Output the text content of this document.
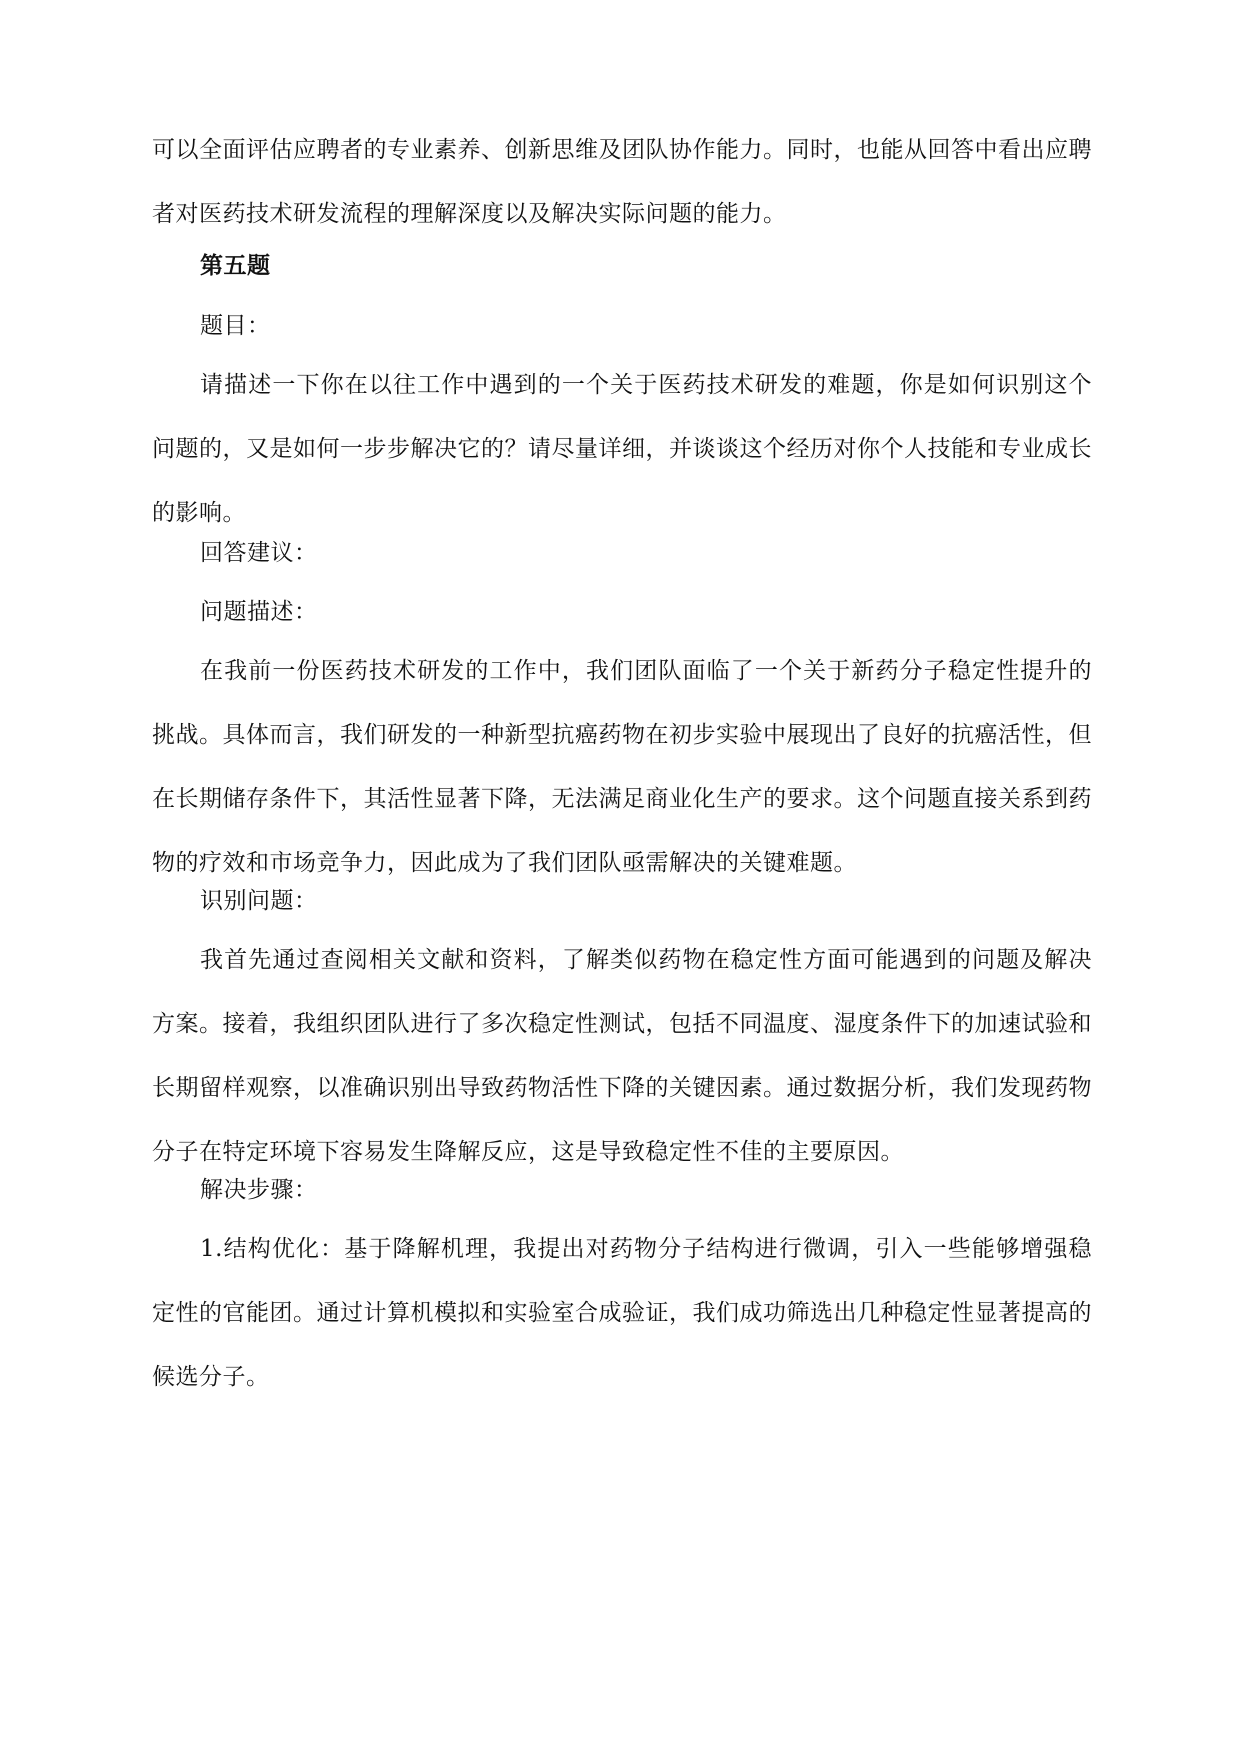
可以全面评估应聘者的专业素养、创新思维及团队协作能力。同时，也能从回答中看出应聘者对医药技术研发流程的理解深度以及解决实际问题的能力。

第五题

题目：

请描述一下你在以往工作中遇到的一个关于医药技术研发的难题，你是如何识别这个问题的，又是如何一步步解决它的？请尽量详细，并谈谈这个经历对你个人技能和专业成长的影响。

回答建议：

问题描述：

在我前一份医药技术研发的工作中，我们团队面临了一个关于新药分子稳定性提升的挑战。具体而言，我们研发的一种新型抗癌药物在初步实验中展现出了良好的抗癌活性，但在长期储存条件下，其活性显著下降，无法满足商业化生产的要求。这个问题直接关系到药物的疗效和市场竞争力，因此成为了我们团队亟需解决的关键难题。

识别问题：

我首先通过查阅相关文献和资料，了解类似药物在稳定性方面可能遇到的问题及解决方案。接着，我组织团队进行了多次稳定性测试，包括不同温度、湿度条件下的加速试验和长期留样观察，以准确识别出导致药物活性下降的关键因素。通过数据分析，我们发现药物分子在特定环境下容易发生降解反应，这是导致稳定性不佳的主要原因。

解决步骤：

1.结构优化：基于降解机理，我提出对药物分子结构进行微调，引入一些能够增强稳定性的官能团。通过计算机模拟和实验室合成验证，我们成功筛选出几种稳定性显著提高的候选分子。
